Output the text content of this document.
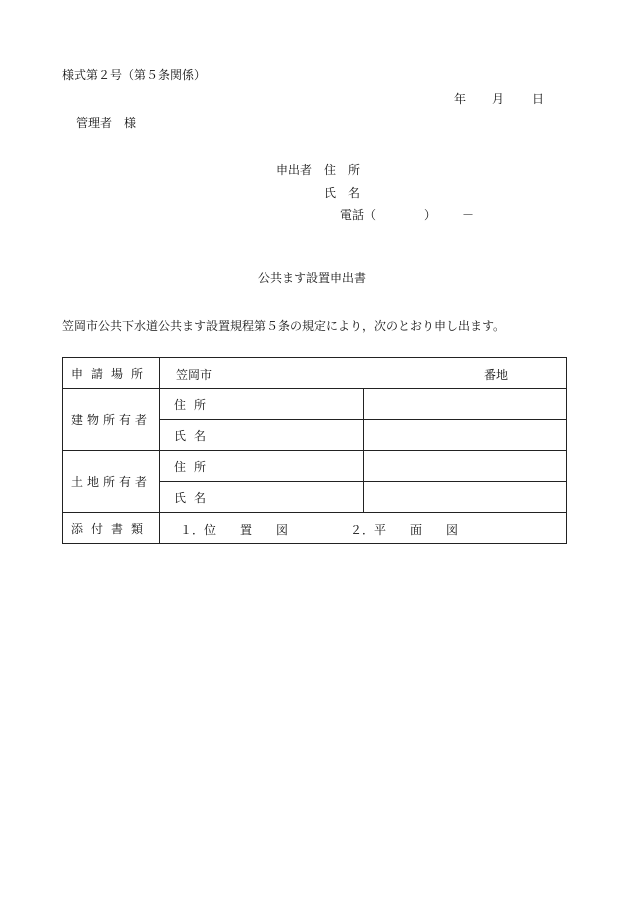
様式第２号（第５条関係）
年 月 日
管理者　様
申出者 住　所
氏　名
電話（	） －
公共ます設置申出書
笠岡市公共下水道公共ます設置規程第５条の規定により，次のとおり申し出ます。
申請場所	笠岡市 番地	

建物所有者	住所	
	氏名	
土地所有者	住所	
	氏名	
添付書類	１．位　　置　　図 ２．平　　面　　図	
